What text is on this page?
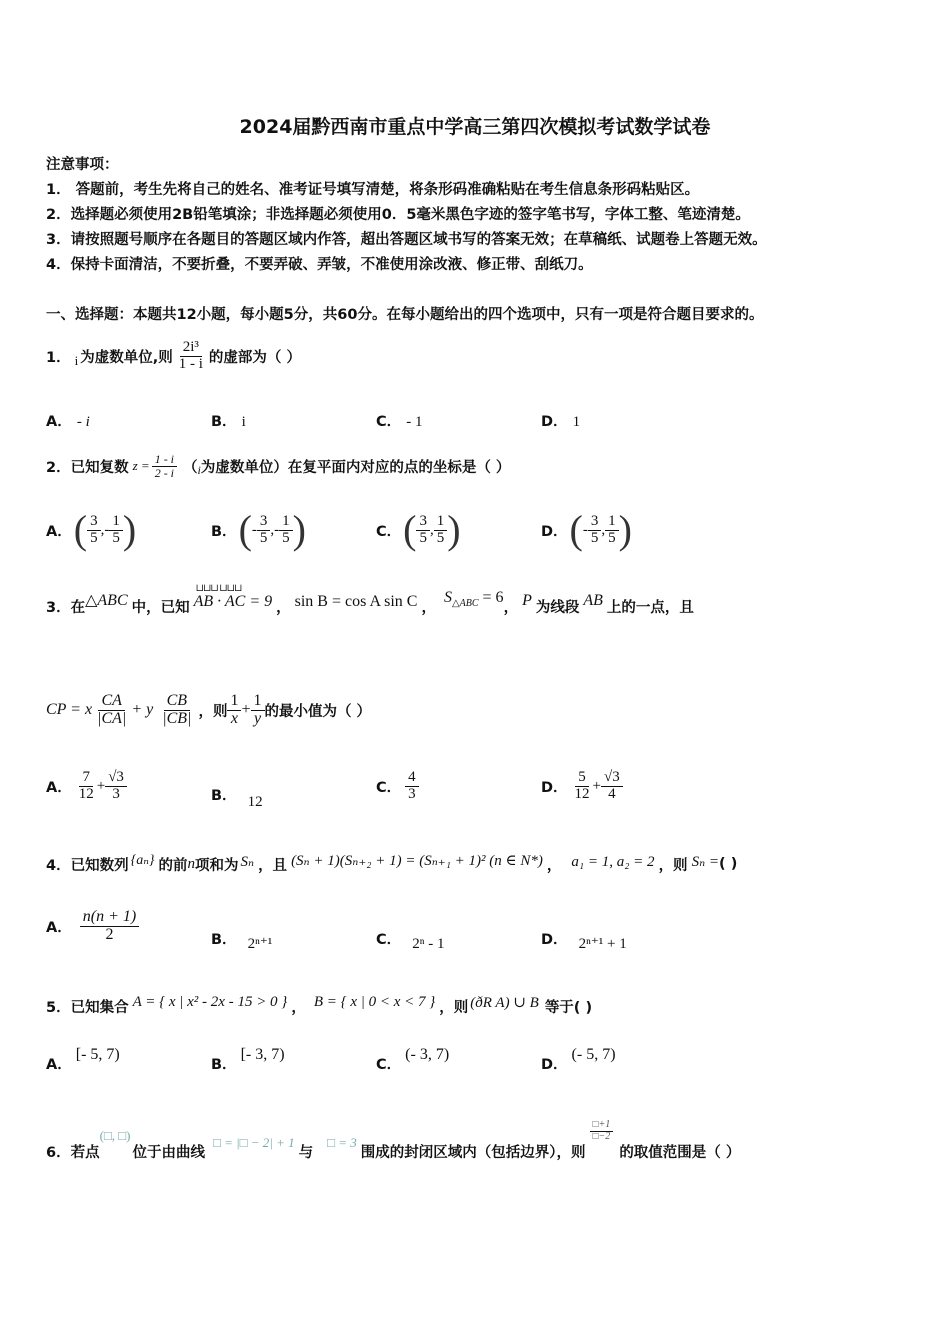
2024届黔西南市重点中学高三第四次模拟考试数学试卷
注意事项：
1． 答题前，考生先将自己的姓名、准考证号填写清楚，将条形码准确粘贴在考生信息条形码粘贴区。
2．选择题必须使用2B铅笔填涂；非选择题必须使用0．5毫米黑色字迹的签字笔书写，字体工整、笔迹清楚。
3．请按照题号顺序在各题目的答题区域内作答，超出答题区域书写的答案无效；在草稿纸、试题卷上答题无效。
4．保持卡面清洁，不要折叠，不要弄破、弄皱，不准使用涂改液、修正带、刮纸刀。
一、选择题：本题共12小题，每小题5分，共60分。在每小题给出的四个选项中，只有一项是符合题目要求的。
1． i 为虚数单位,则 $\frac{\text{2i³}}{1 - i}$ 的虚部为（ ）
A． - i	B． i	C． - 1	D． 1
2．已知复数 $z = \frac{1 - i}{2 - i}$ （ i 为虚数单位）在复平面内对应的点的坐标是（ ）
A． ( $\frac{3}{5}$ , - $\frac{1}{5}$ )	B． ( - $\frac{3}{5}$ , - $\frac{1}{5}$ )	C． ( $\frac{3}{5}$ , $\frac{1}{5}$ )	D． ( - $\frac{3}{5}$ , $\frac{1}{5}$ )
3．在 △ABC 中，已知
⊔⊔⊔ ⊔⊔⊔
AB · AC = 9 ， sin B = cos A sin C ，
$S_{\triangle ABC} = 6$
， P 为线段 AB 上的一点，且
CP = x $\frac{CA}{|CA|} + y \frac{CB}{|CB|}$ ，则 $\frac{1}{x} + \frac{1}{y}$ 的最小值为（ ）
A． $\frac{7}{12} + \frac{√3}{3}$	B． 12
C． $\frac{4}{3}$	D． $\frac{5}{12} + \frac{√3}{4}$
4．已知数列 {aₙ} 的前 n 项和为 Sₙ ，且 (Sₙ + 1)(Sₙ₊₂ + 1) = (Sₙ₊₁ + 1)² (n ∈ N*) ， a₁ = 1, a₂ = 2 ，则 Sₙ = ( )
A． $\frac{n(n + 1)}{2}$	B． 2ⁿ⁺¹	C． 2ⁿ - 1	D． 2ⁿ⁺¹ + 1
5．已知集合 A = { x | x² - 2x - 15 > 0 } ， B = { x | 0 < x < 7 } ，则 (ðR A) ∪ B 等于( )
A．
[- 5, 7)
B．
[- 3, 7)
C．
(- 3, 7)
D．
(- 5, 7)
6．若点
(□, □)
位于由曲线
□ = |□ − 2| + 1
与
□ = 3
围成的封闭区域内（包括边界），则
$\frac{□+1}{□-2}$
的取值范围是（ ）
